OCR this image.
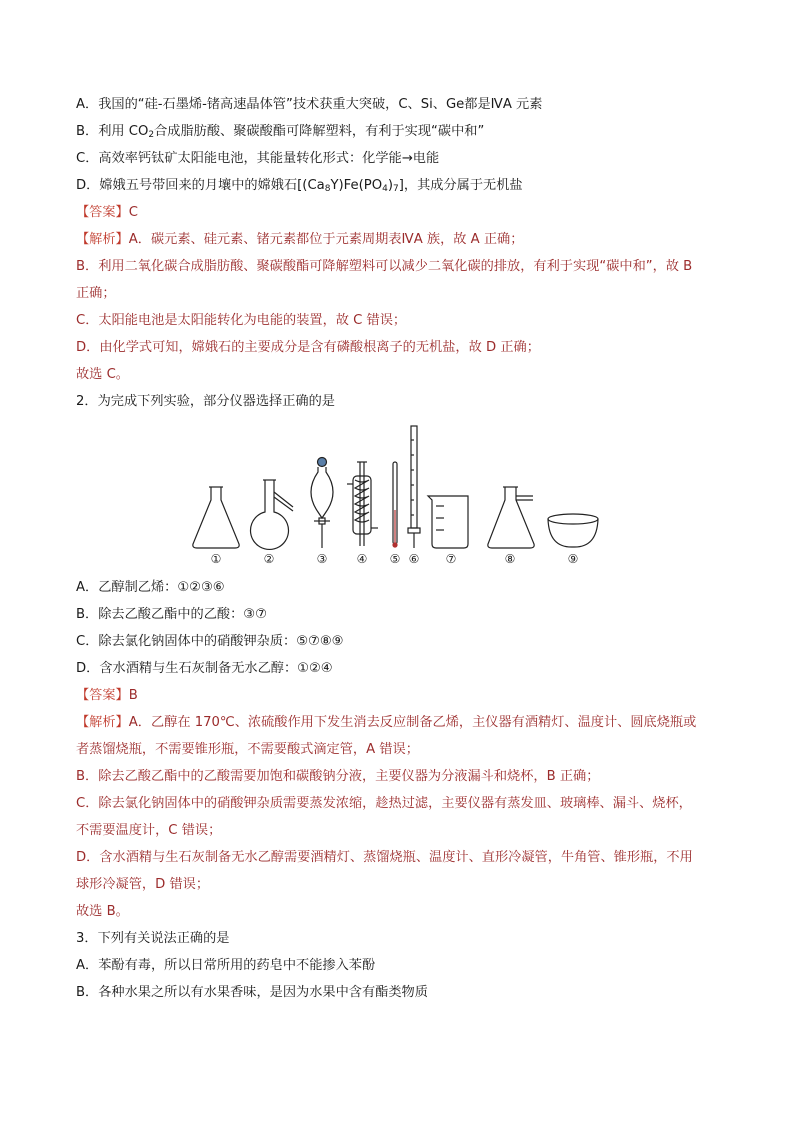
A．我国的“硅-石墨烯-锗高速晶体管”技术获重大突破，C、Si、Ge都是ⅣA 元素
B．利用 $CO_2$合成脂肪酸、聚碳酸酯可降解塑料，有利于实现“碳中和”
C．高效率钙钛矿太阳能电池，其能量转化形式：化学能→电能
D．嫦娥五号带回来的月壤中的嫦娥石$[(Ca_8Y)Fe(PO_4)_7]$，其成分属于无机盐
【答案】C
【解析】A．碳元素、硅元素、锗元素都位于元素周期表ⅣA 族，故 A 正确；
B．利用二氧化碳合成脂肪酸、聚碳酸酯可降解塑料可以减少二氧化碳的排放，有利于实现“碳中和”，故 B
正确；
C．太阳能电池是太阳能转化为电能的装置，故 C 错误；
D．由化学式可知，嫦娥石的主要成分是含有磷酸根离子的无机盐，故 D 正确；
故选 C。
2．为完成下列实验，部分仪器选择正确的是
①	②	③ ④ ⑤ ⑥ ⑦	⑧	⑨
A．乙醇制乙烯：①②③⑥
B．除去乙酸乙酯中的乙酸：③⑦
C．除去氯化钠固体中的硝酸钾杂质：⑤⑦⑧⑨
D．含水酒精与生石灰制备无水乙醇：①②④
【答案】B
【解析】A．乙醇在 170℃、浓硫酸作用下发生消去反应制备乙烯，主仪器有酒精灯、温度计、圆底烧瓶或
者蒸馏烧瓶，不需要锥形瓶，不需要酸式滴定管，A 错误；
B．除去乙酸乙酯中的乙酸需要加饱和碳酸钠分液，主要仪器为分液漏斗和烧杯，B 正确；
C．除去氯化钠固体中的硝酸钾杂质需要蒸发浓缩，趁热过滤，主要仪器有蒸发皿、玻璃棒、漏斗、烧杯，
不需要温度计，C 错误；
D．含水酒精与生石灰制备无水乙醇需要酒精灯、蒸馏烧瓶、温度计、直形冷凝管，牛角管、锥形瓶，不用
球形冷凝管，D 错误；
故选 B。
3．下列有关说法正确的是
A．苯酚有毒，所以日常所用的药皂中不能掺入苯酚
B．各种水果之所以有水果香味，是因为水果中含有酯类物质
